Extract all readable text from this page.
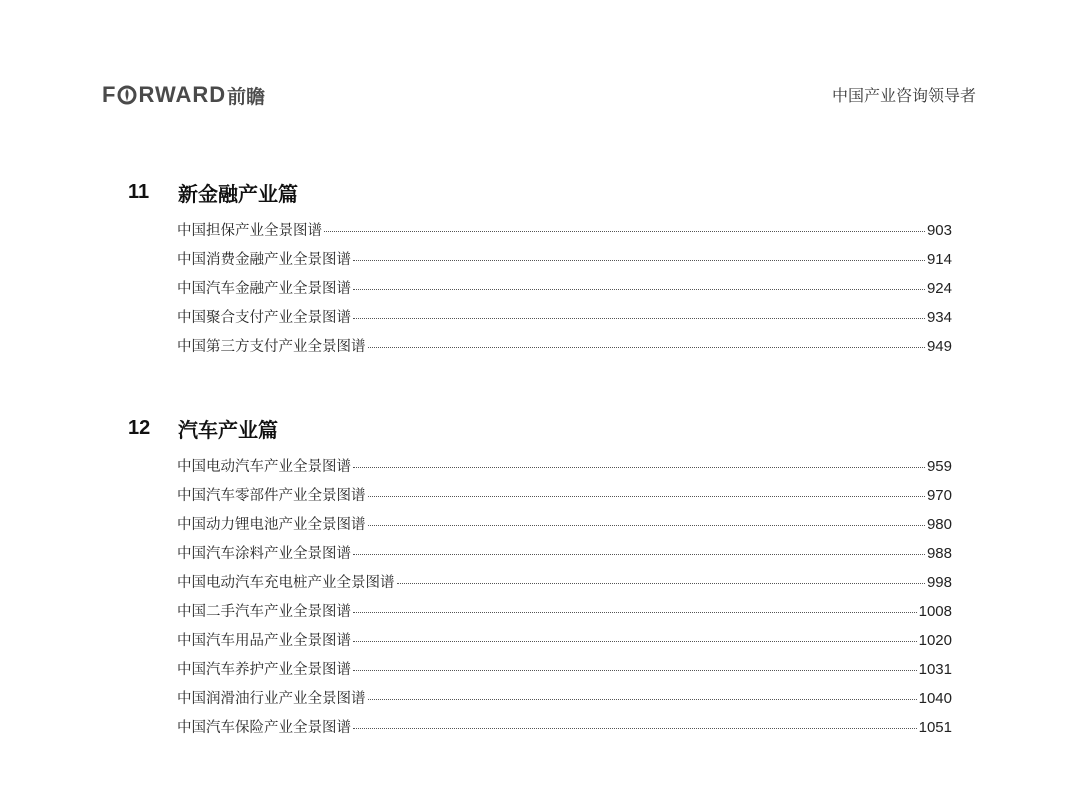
F RWARD 前瞻	中国产业咨询领导者
11	新金融产业篇
中国担保产业全景图谱	903
中国消费金融产业全景图谱	914
中国汽车金融产业全景图谱	924
中国聚合支付产业全景图谱	934
中国第三方支付产业全景图谱	949
12	汽车产业篇
中国电动汽车产业全景图谱	959
中国汽车零部件产业全景图谱	970
中国动力锂电池产业全景图谱	980
中国汽车涂料产业全景图谱	988
中国电动汽车充电桩产业全景图谱	998
中国二手汽车产业全景图谱	1008
中国汽车用品产业全景图谱	1020
中国汽车养护产业全景图谱	1031
中国润滑油行业产业全景图谱	1040
中国汽车保险产业全景图谱	1051
